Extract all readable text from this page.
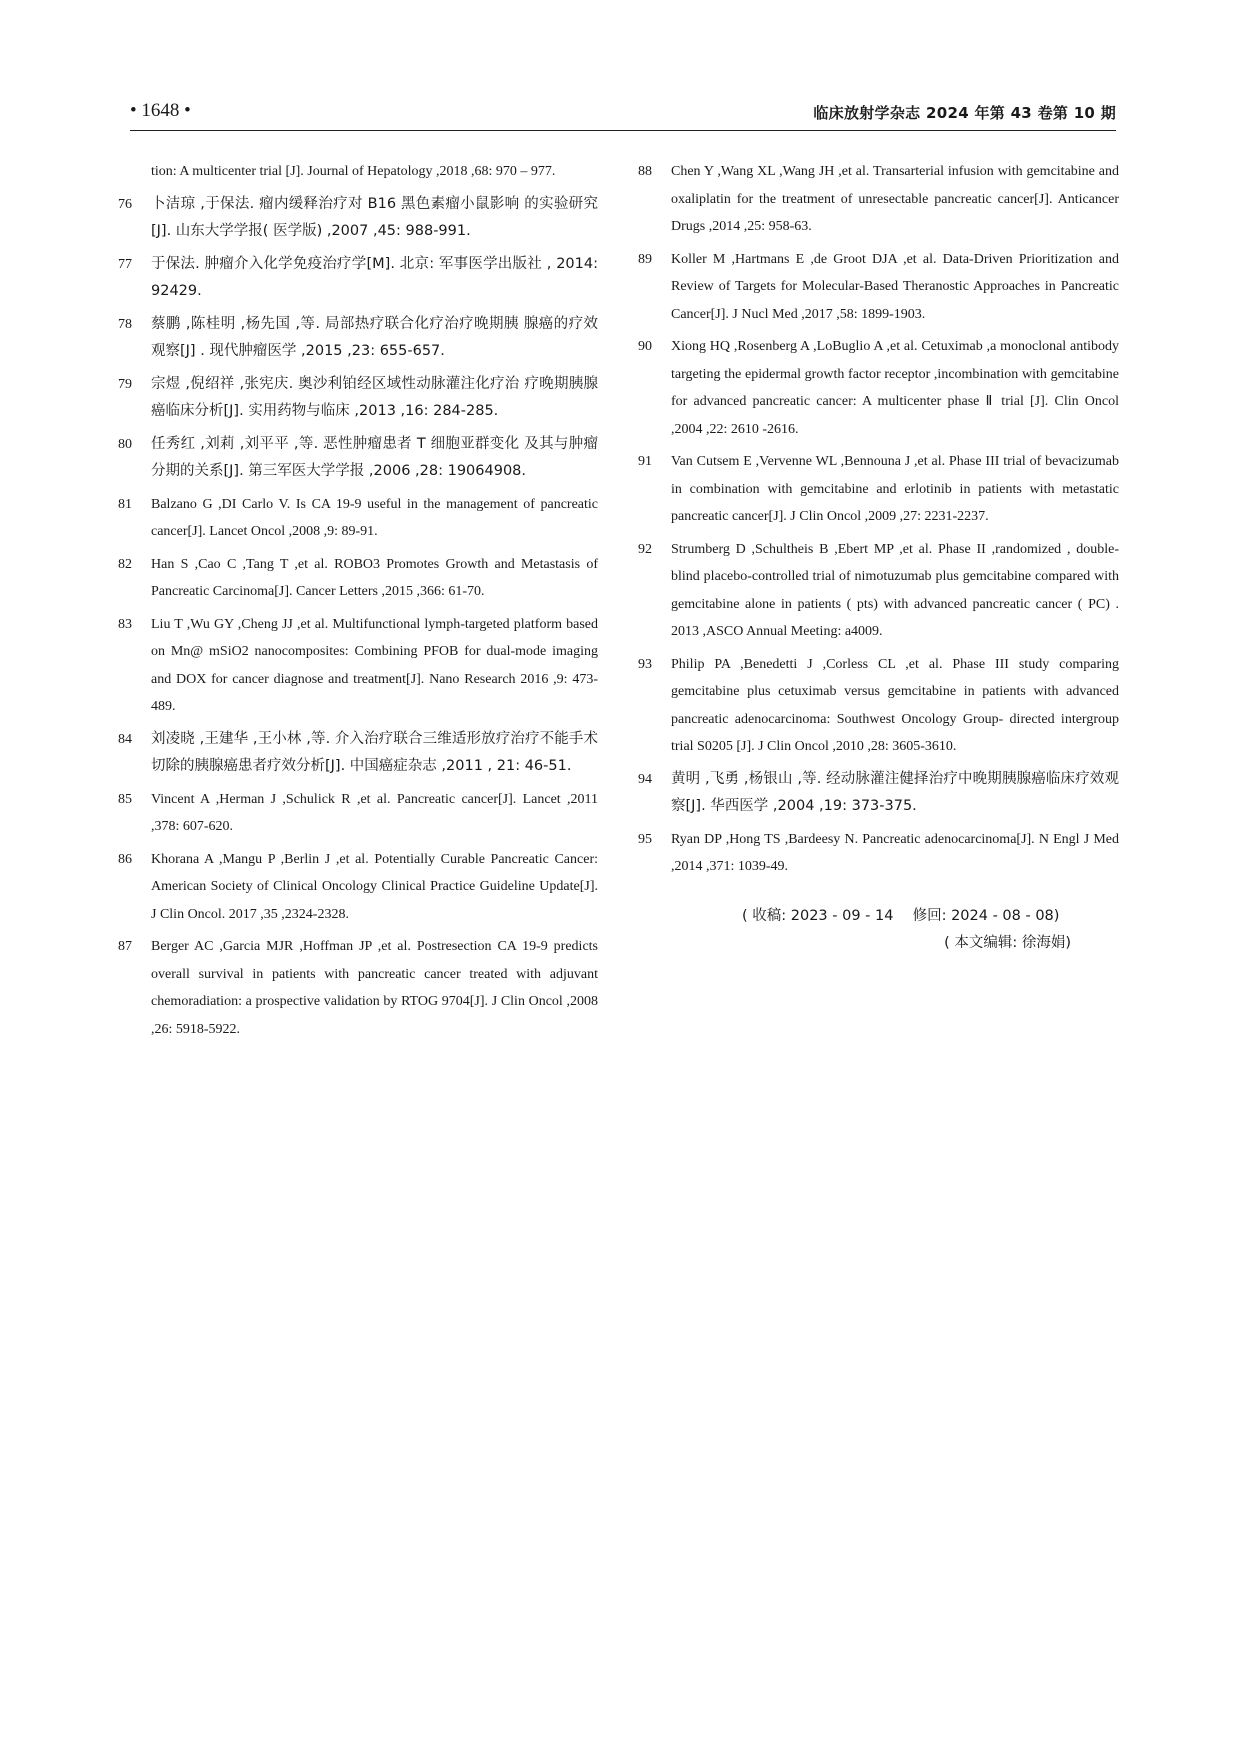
• 1648 •	临床放射学杂志 2024 年第 43 卷第 10 期
tion: A multicenter trial [J]. Journal of Hepatology ,2018 ,68: 970 – 977.
76	卜洁琼 ,于保法. 瘤内缓释治疗对 B16 黑色素瘤小鼠影响 的实验研究[J]. 山东大学学报( 医学版) ,2007 ,45: 988-991.
77	于保法. 肿瘤介入化学免疫治疗学[M]. 北京: 军事医学出版社 , 2014: 92429.
78	蔡鹏 ,陈桂明 ,杨先国 ,等. 局部热疗联合化疗治疗晚期胰 腺癌的疗效观察[J] . 现代肿瘤医学 ,2015 ,23: 655-657.
79	宗煜 ,倪绍祥 ,张宪庆. 奥沙利铂经区域性动脉灌注化疗治 疗晚期胰腺癌临床分析[J]. 实用药物与临床 ,2013 ,16: 284-285.
80	任秀红 ,刘莉 ,刘平平 ,等. 恶性肿瘤患者 T 细胞亚群变化 及其与肿瘤分期的关系[J]. 第三军医大学学报 ,2006 ,28: 19064908.
81	Balzano G ,DI Carlo V. Is CA 19-9 useful in the management of pancreatic cancer[J]. Lancet Oncol ,2008 ,9: 89-91.
82	Han S ,Cao C ,Tang T ,et al. ROBO3 Promotes Growth and Metastasis of Pancreatic Carcinoma[J]. Cancer Letters ,2015 ,366: 61-70.
83	Liu T ,Wu GY ,Cheng JJ ,et al. Multifunctional lymph-targeted platform based on Mn@ mSiO2 nanocomposites: Combining PFOB for dual-mode imaging and DOX for cancer diagnose and treatment[J]. Nano Research 2016 ,9: 473-489.
84	刘凌晓 ,王建华 ,王小林 ,等. 介入治疗联合三维适形放疗治疗不能手术切除的胰腺癌患者疗效分析[J]. 中国癌症杂志 ,2011 , 21: 46-51.
85	Vincent A ,Herman J ,Schulick R ,et al. Pancreatic cancer[J]. Lancet ,2011 ,378: 607-620.
86	Khorana A ,Mangu P ,Berlin J ,et al. Potentially Curable Pancreatic Cancer: American Society of Clinical Oncology Clinical Practice Guideline Update[J]. J Clin Oncol. 2017 ,35 ,2324-2328.
87	Berger AC ,Garcia MJR ,Hoffman JP ,et al. Postresection CA 19-9 predicts overall survival in patients with pancreatic cancer treated with adjuvant chemoradiation: a prospective validation by RTOG 9704[J]. J Clin Oncol ,2008 ,26: 5918-5922.
88	Chen Y ,Wang XL ,Wang JH ,et al. Transarterial infusion with gemcitabine and oxaliplatin for the treatment of unresectable pancreatic cancer[J]. Anticancer Drugs ,2014 ,25: 958-63.
89	Koller M ,Hartmans E ,de Groot DJA ,et al. Data-Driven Prioritization and Review of Targets for Molecular-Based Theranostic Approaches in Pancreatic Cancer[J]. J Nucl Med ,2017 ,58: 1899-1903.
90	Xiong HQ ,Rosenberg A ,LoBuglio A ,et al. Cetuximab ,a monoclonal antibody targeting the epidermal growth factor receptor ,incombination with gemcitabine for advanced pancreatic cancer: A multicenter phase Ⅱ trial [J]. Clin Oncol ,2004 ,22: 2610 -2616.
91	Van Cutsem E ,Vervenne WL ,Bennouna J ,et al. Phase III trial of bevacizumab in combination with gemcitabine and erlotinib in patients with metastatic pancreatic cancer[J]. J Clin Oncol ,2009 ,27: 2231-2237.
92	Strumberg D ,Schultheis B ,Ebert MP ,et al. Phase II ,randomized , double-blind placebo-controlled trial of nimotuzumab plus gemcitabine compared with gemcitabine alone in patients ( pts) with advanced pancreatic cancer ( PC) . 2013 ,ASCO Annual Meeting: a4009.
93	Philip PA ,Benedetti J ,Corless CL ,et al. Phase III study comparing gemcitabine plus cetuximab versus gemcitabine in patients with advanced pancreatic adenocarcinoma: Southwest Oncology Group- directed intergroup trial S0205 [J]. J Clin Oncol ,2010 ,28: 3605-3610.
94	黄明 ,飞勇 ,杨银山 ,等. 经动脉灌注健择治疗中晚期胰腺癌临床疗效观察[J]. 华西医学 ,2004 ,19: 373-375.
95	Ryan DP ,Hong TS ,Bardeesy N. Pancreatic adenocarcinoma[J]. N Engl J Med ,2014 ,371: 1039-49.
( 收稿: 2023 - 09 - 14 　修回: 2024 - 08 - 08)
( 本文编辑: 徐海娟)
